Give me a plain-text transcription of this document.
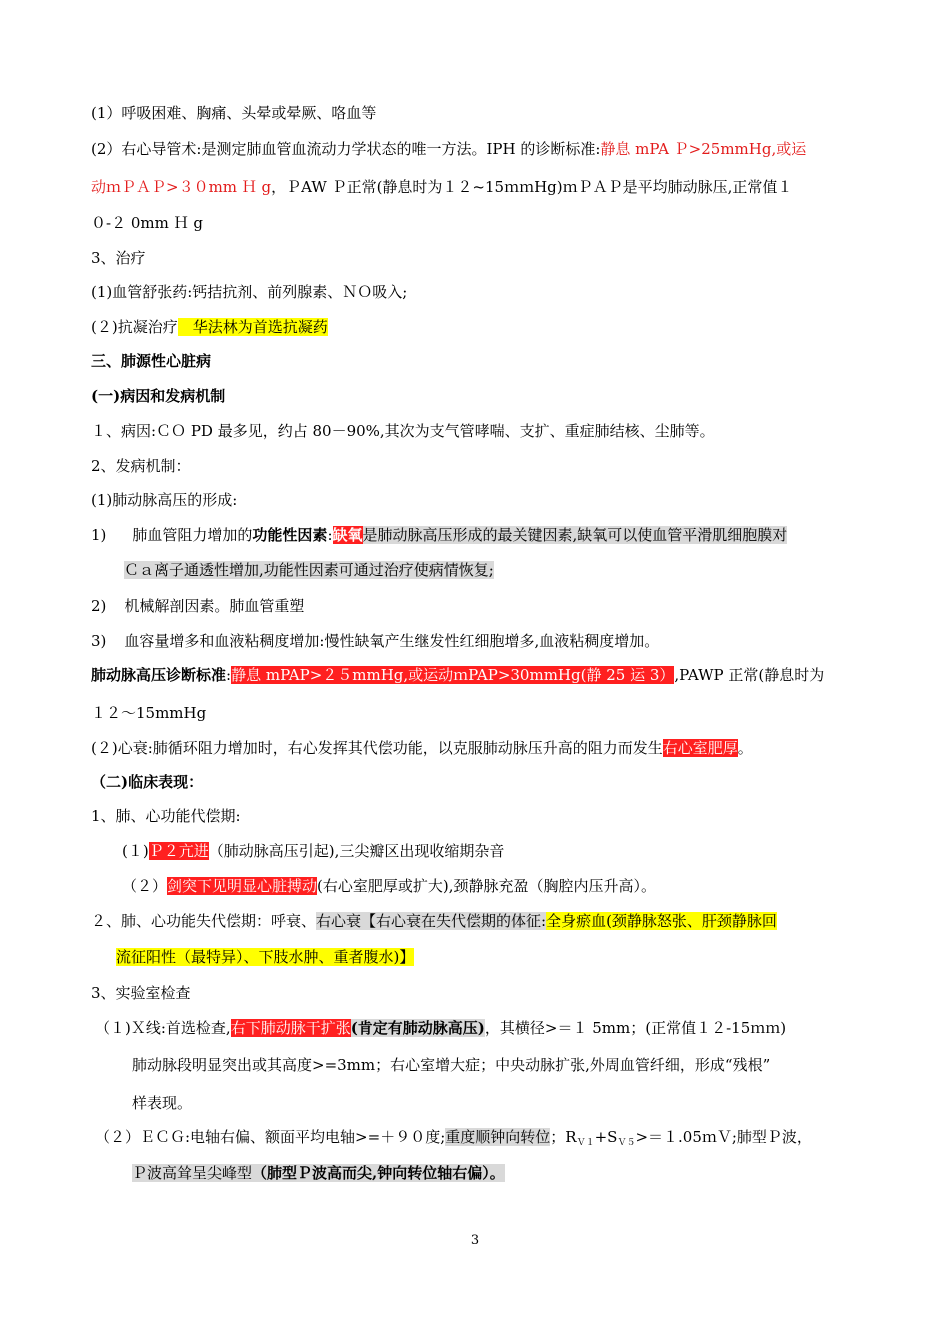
(1）呼吸困难、胸痛、头晕或晕厥、咯血等
(2）右心导管术:是测定肺血管血流动力学状态的唯一方法。IPH 的诊断标准:静息 mPA Ｐ>25mmHg,或运
动ｍＰＡＰ>３０mm Ｈ g，ＰAW Ｐ正常(静息时为１２~15ｍｍHg)ｍＰＡＰ是平均肺动脉压,正常值１
０-２ 0mm Ｈ g
3、治疗
(1)血管舒张药:钙拮抗剂、前列腺素、ＮＯ吸入;
(２)抗凝治疗　华法林为首选抗凝药
三、肺源性心脏病
(一)病因和发病机制
１、病因:ＣＯ PD 最多见，约占 80－90%,其次为支气管哮喘、支扩、重症肺结核、尘肺等。
2、发病机制：
(1)肺动脉高压的形成:
1) 肺血管阻力增加的功能性因素:缺氧是肺动脉高压形成的最关键因素,缺氧可以使血管平滑肌细胞膜对
Ｃａ离子通透性增加,功能性因素可通过治疗使病情恢复;
2) 机械解剖因素。肺血管重塑
3) 血容量增多和血液粘稠度增加:慢性缺氧产生继发性红细胞增多,血液粘稠度增加。
肺动脉高压诊断标准:静息 mPAP>２５mmHg,或运动ｍPAP>30mmHg(静 25 运 3）,PAWP 正常(静息时为
１２～15mmHg
(２)心衰:肺循环阻力增加时，右心发挥其代偿功能，以克服肺动脉压升高的阻力而发生右心室肥厚。
（二)临床表现：
1、肺、心功能代偿期:
(１)Ｐ２亢进（肺动脉高压引起),三尖瓣区出现收缩期杂音
（２）剑突下见明显心脏搏动(右心室肥厚或扩大),颈静脉充盈（胸腔内压升高）。
２、肺、心功能失代偿期：呼衰、右心衰【右心衰在失代偿期的体征:全身瘀血(颈静脉怒张、肝颈静脉回
流征阳性（最特异）、下肢水肿、重者腹水)】
3、实验室检查
（１)Ｘ线:首选检查,右下肺动脉干扩张(肯定有肺动脉高压)，其横径>＝１ 5mm；(正常值１２-15ｍｍ)
肺动脉段明显突出或其高度>=3mm；右心室增大症；中央动脉扩张,外周血管纤细，形成“残根”
样表现。
（２）ＥＣＧ:电轴右偏、额面平均电轴>=＋９０度;重度顺钟向转位；$R_{V1}+S_{V5}>=1.05mV$;肺型Ｐ波，
Ｐ波高耸呈尖峰型（肺型Ｐ波高而尖,钟向转位轴右偏）。
3
